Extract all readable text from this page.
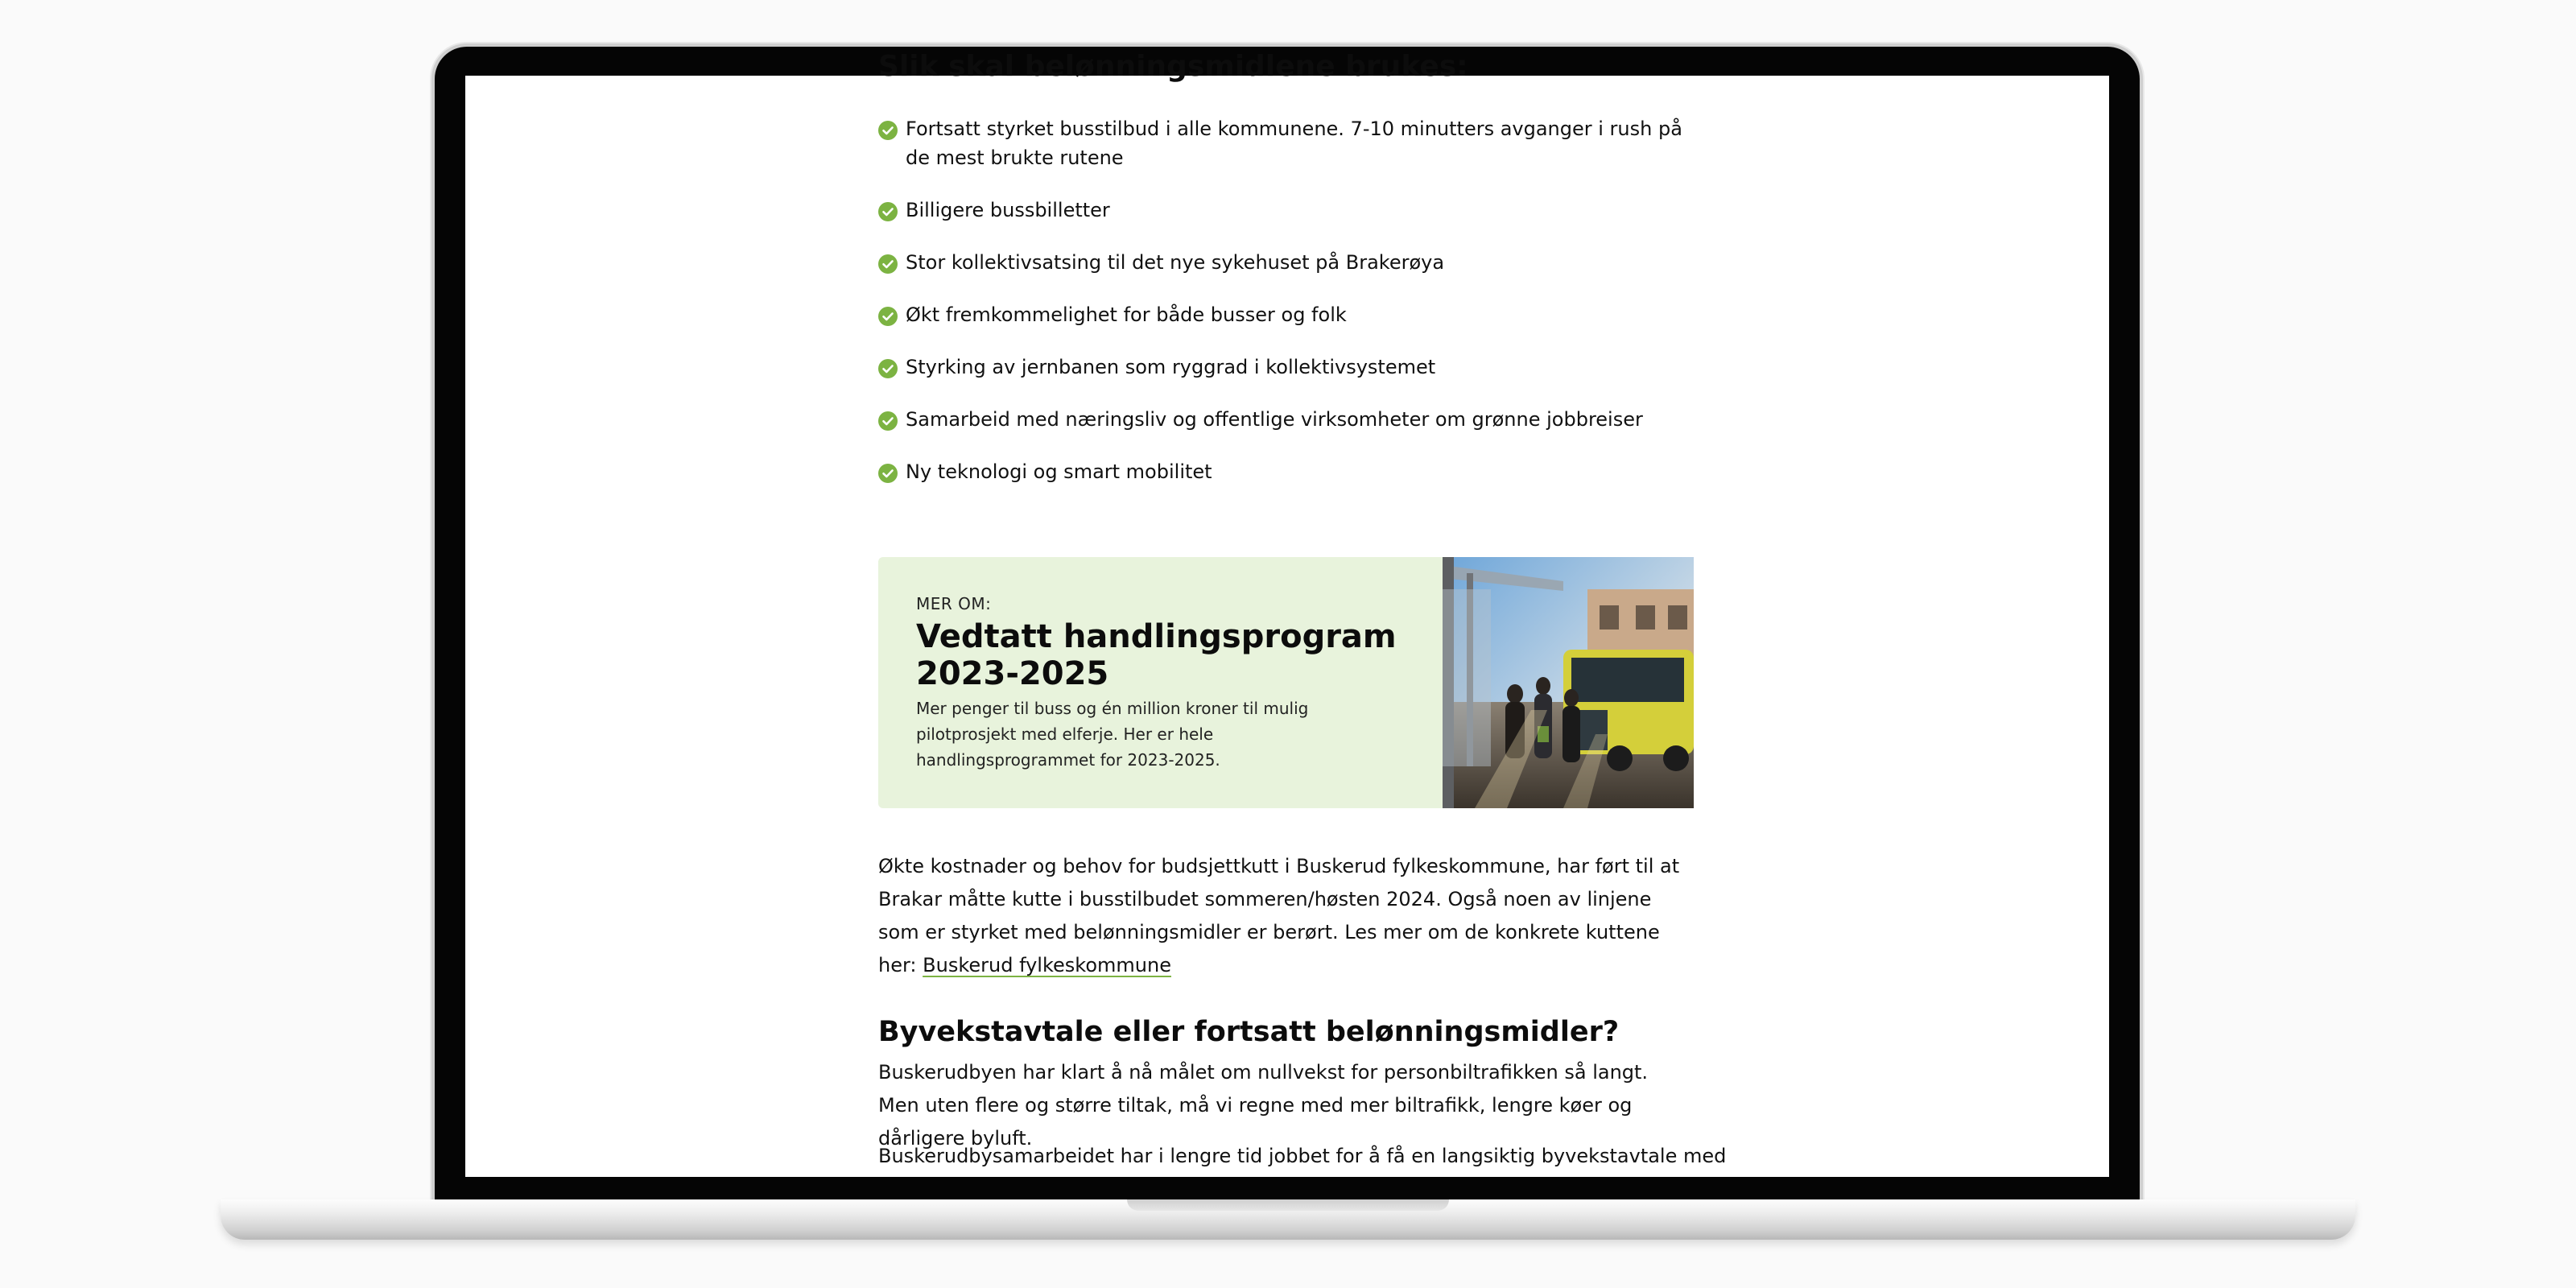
Slik skal belønningsmidlene brukes:
Fortsatt styrket busstilbud i alle kommunene. 7-10 minutters avganger i rush på de mest brukte rutene
Billigere bussbilletter
Stor kollektivsatsing til det nye sykehuset på Brakerøya
Økt fremkommelighet for både busser og folk
Styrking av jernbanen som ryggrad i kollektivsystemet
Samarbeid med næringsliv og offentlige virksomheter om grønne jobbreiser
Ny teknologi og smart mobilitet
MER OM:
Vedtatt handlingsprogram 2023-2025
Mer penger til buss og én million kroner til mulig pilotprosjekt med elferje. Her er hele handlingsprogrammet for 2023-2025.

Økte kostnader og behov for budsjettkutt i Buskerud fylkeskommune, har ført til at Brakar måtte kutte i busstilbudet sommeren/høsten 2024. Også noen av linjene som er styrket med belønningsmidler er berørt. Les mer om de konkrete kuttene her: Buskerud fylkeskommune

Byvekstavtale eller fortsatt belønningsmidler?

Buskerudbyen har klart å nå målet om nullvekst for personbiltrafikken så langt. Men uten flere og større tiltak, må vi regne med mer biltrafikk, lengre køer og dårligere byluft.

Buskerudbysamarbeidet har i lengre tid jobbet for å få en langsiktig byvekstavtale med
